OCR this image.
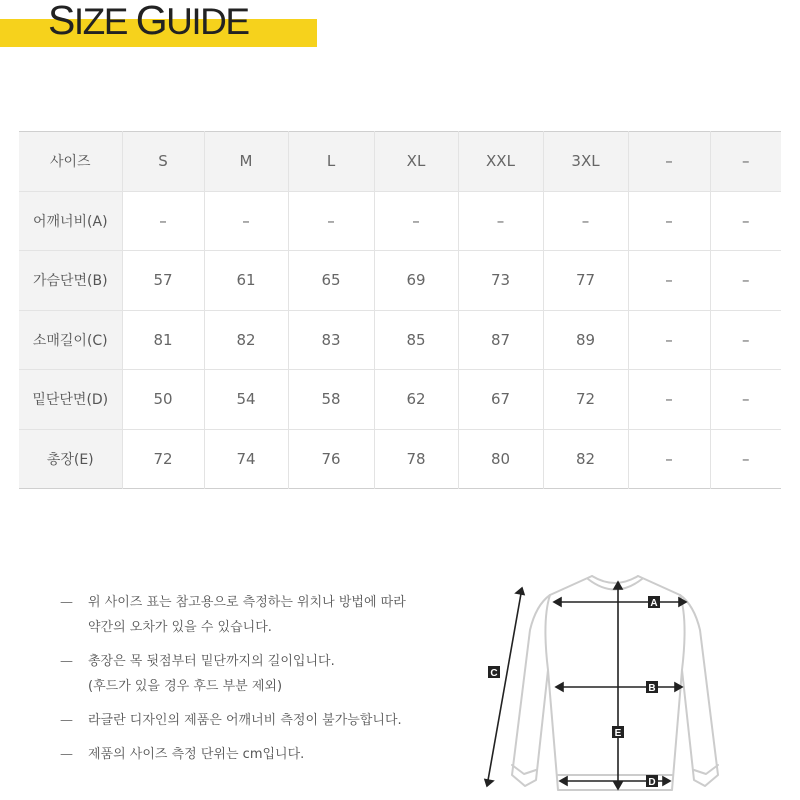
SIZE GUIDE
사이즈	S	M	L	XL	XXL	3XL	–	–
어깨너비(A)	–	–	–	–	–	–	–	–
가슴단면(B)	57	61	65	69	73	77	–	–
소매길이(C)	81	82	83	85	87	89	–	–
밑단단면(D)	50	54	58	62	67	72	–	–
총장(E)	72	74	76	78	80	82	–	–
— 위 사이즈 표는 참고용으로 측정하는 위치나 방법에 따라
약간의 오차가 있을 수 있습니다.
— 총장은 목 뒷점부터 밑단까지의 길이입니다.
(후드가 있을 경우 후드 부분 제외)
— 라글란 디자인의 제품은 어깨너비 측정이 불가능합니다.
— 제품의 사이즈 측정 단위는 cm입니다.
A
B
D
E
C
